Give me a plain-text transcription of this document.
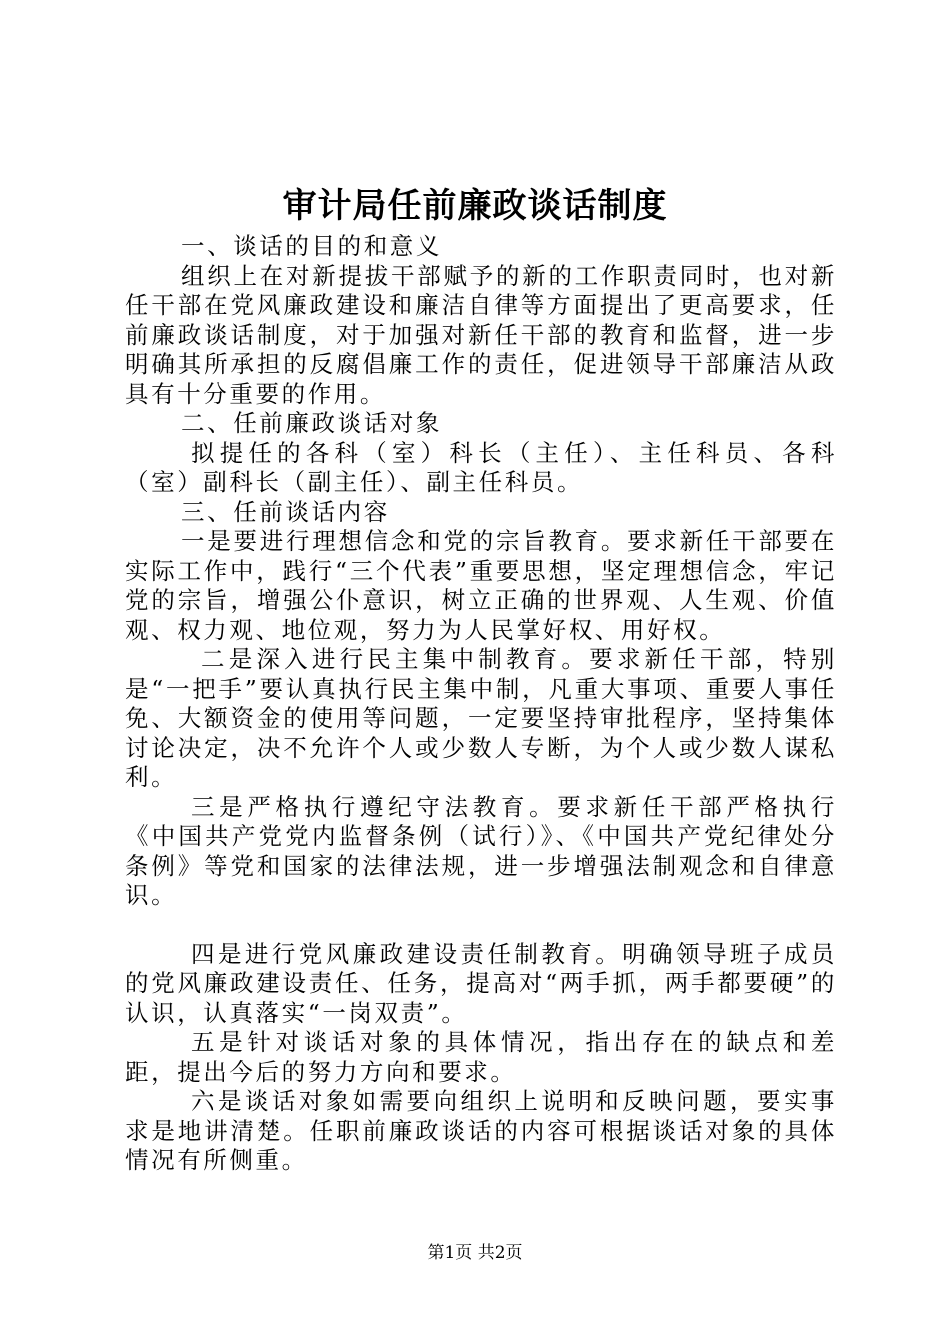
审计局任前廉政谈话制度

一、谈话的目的和意义

组织上在对新提拔干部赋予的新的工作职责同时，也对新任干部在党风廉政建设和廉洁自律等方面提出了更高要求，任前廉政谈话制度，对于加强对新任干部的教育和监督，进一步明确其所承担的反腐倡廉工作的责任，促进领导干部廉洁从政具有十分重要的作用。

二、任前廉政谈话对象

拟提任的各科（室）科长（主任）、主任科员、各科（室）副科长（副主任）、副主任科员。

三、任前谈话内容

一是要进行理想信念和党的宗旨教育。要求新任干部要在实际工作中，践行“三个代表”重要思想，坚定理想信念，牢记党的宗旨，增强公仆意识，树立正确的世界观、人生观、价值观、权力观、地位观，努力为人民掌好权、用好权。

二是深入进行民主集中制教育。要求新任干部，特别是“一把手”要认真执行民主集中制，凡重大事项、重要人事任免、大额资金的使用等问题，一定要坚持审批程序，坚持集体讨论决定，决不允许个人或少数人专断，为个人或少数人谋私利。

三是严格执行遵纪守法教育。要求新任干部严格执行《中国共产党党内监督条例（试行）》、《中国共产党纪律处分条例》等党和国家的法律法规，进一步增强法制观念和自律意识。

四是进行党风廉政建设责任制教育。明确领导班子成员的党风廉政建设责任、任务，提高对“两手抓，两手都要硬”的认识，认真落实“一岗双责”。

五是针对谈话对象的具体情况，指出存在的缺点和差距，提出今后的努力方向和要求。

六是谈话对象如需要向组织上说明和反映问题，要实事求是地讲清楚。任职前廉政谈话的内容可根据谈话对象的具体情况有所侧重。

第1页 共2页
